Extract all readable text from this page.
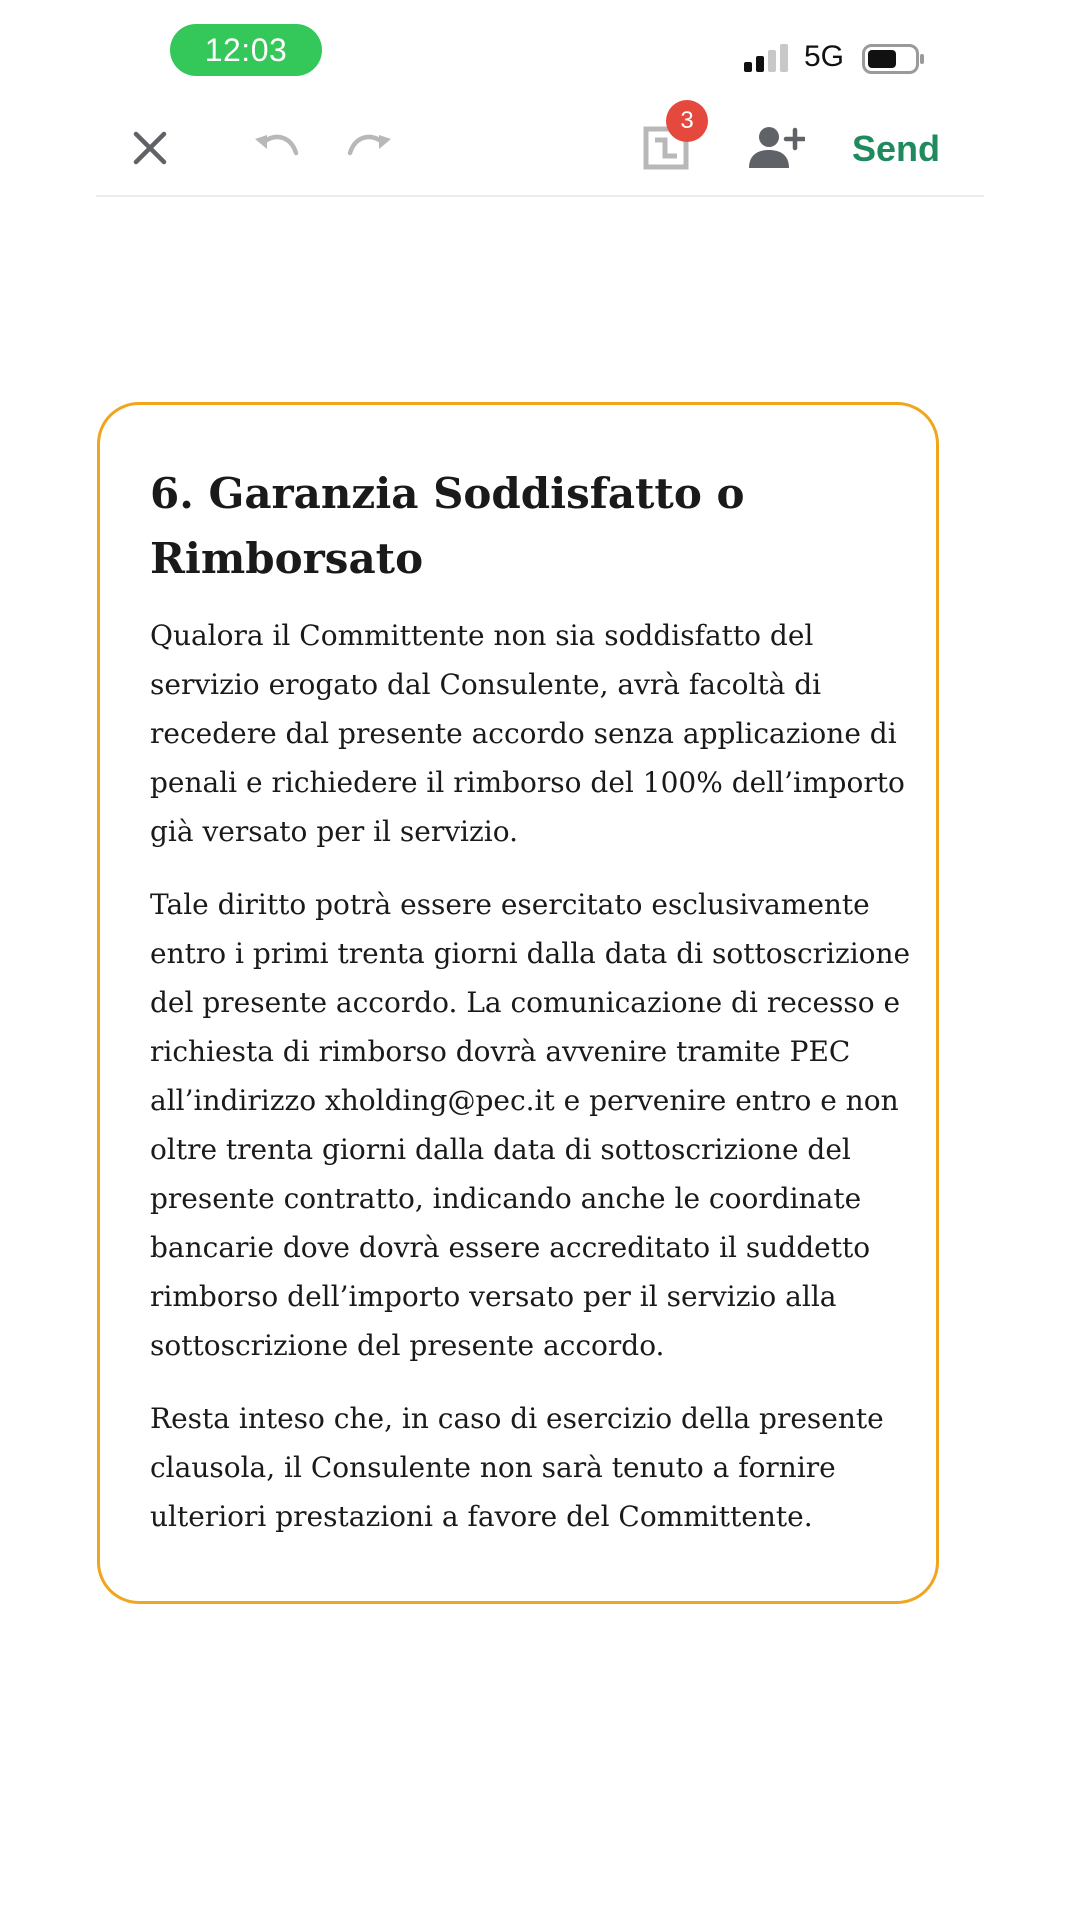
12:03	5G
3
Send
6. Garanzia Soddisfatto o Rimborsato

Qualora il Committente non sia soddisfatto del servizio erogato dal Consulente, avrà facoltà di recedere dal presente accordo senza applicazione di penali e richiedere il rimborso del 100% dell’importo già versato per il servizio.

Tale diritto potrà essere esercitato esclusivamente entro i primi trenta giorni dalla data di sottoscrizione del presente accordo. La comunicazione di recesso e richiesta di rimborso dovrà avvenire tramite PEC all’indirizzo xholding@pec.it e pervenire entro e non oltre trenta giorni dalla data di sottoscrizione del presente contratto, indicando anche le coordinate bancarie dove dovrà essere accreditato il suddetto rimborso dell’importo versato per il servizio alla sottoscrizione del presente accordo.

Resta inteso che, in caso di esercizio della presente clausola, il Consulente non sarà tenuto a fornire ulteriori prestazioni a favore del Committente.
